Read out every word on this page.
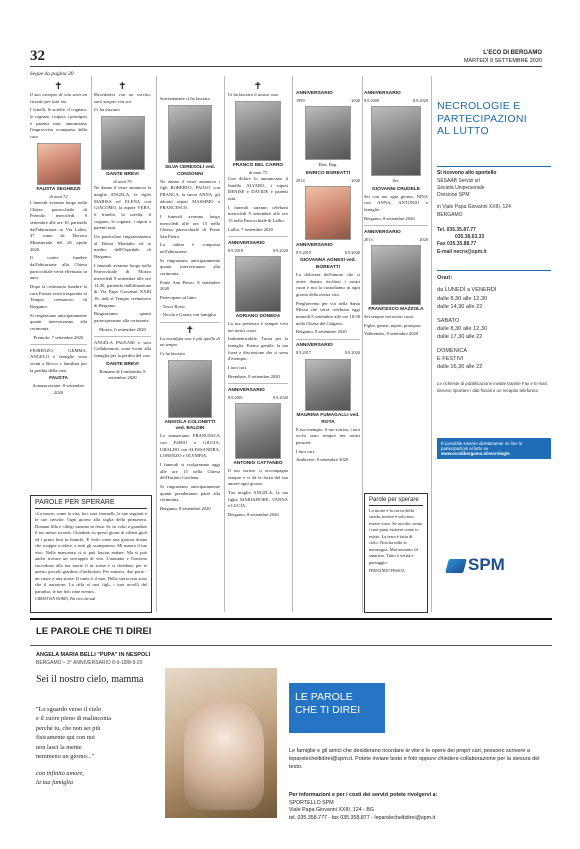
32	L'ECO DI BERGAMO
MARTEDÌ 8 SETTEMBRE 2020
Segue da pagina 30
✝

Il suo esempio di vita sarà un ricordo per tutti noi.

I fratelli, le sorelle, il cognato, le cognate, i nipoti, i pronipoti e parenti tutti, annunciano l'improvvisa scomparsa della cara

FAUSTA SEGHEZZI
di anni 72

I funerali avranno luogo nella Chiesa parrocchiale di Premolo mercoledì 9 settembre alle ore 10, partendo dall'abitazione in Via Lalini, 47 come da Decreto Ministeriale del 26 aprile 2020.

Il corteo funebre dall'abitazione alla Chiesa parrocchiale verrà effettuato in auto.

Dopo la cerimonia funebre la cara Fausta verrà trasportata al Tempio crematorio di Bergamo.

Si ringraziano anticipatamente quanti interverranno alla cerimonia.

Premolo, 7 settembre 2020

FIORENZO, GEMMA, ANGELO e famiglie sono vicini a Rocco e familiari per la perdita della cara

FAUSTA

Scanzorosciate, 8 settembre 2020

✝

Ricordatevi con un sorriso, sarò sempre con voi.

Ci ha lasciato

DANTE BREVI
di anni 76

Ne danno il triste annuncio la moglie ANGELA, le figlie MARISA ed ELENA con GIACOMO, la nipote VERA, il fratello, la sorella, il cognato, le cognate, i nipoti e parenti tutti.

Un particolare ringraziamento al Dottor Montalto ed ai medici dell'Ospedale di Bergamo.

I funerali avranno luogo nella Parrocchiale di Mozzo mercoledì 9 settembre alle ore 14,30, partendo dall'abitazione di Via Papa Giovanni XXIII 16, indi al Tempio crematorio di Bergamo.

Ringraziamo quanti parteciperanno alla cerimonia.

Mozzo, 6 settembre 2020

ANGELA PALEARI e suoi Collaboratori, sono vicini alla famiglia per la perdita del caro

DANTE BREVI

Romano di Lombardia, 8 settembre 2020

Sorreramente ci ha lasciato

SILVA CERESOLI ved. CONSONNI

Ne danno il triste annuncio i figli ROBERTO, PAOLO con FRANCA, la suora ANNA, gli adorati nipoti MASSIMO e FRANCESCO.

I funerali avranno luogo mercoledì alle ore 15 nella Chiesa parrocchiale di Ponte San Pietro.

La salma è composta nell'abitazione.

Si ringraziano anticipatamente quanti interverranno alla cerimonia.

Ponte San Pietro, 8 settembre 2020

Partecipano al lutto:

- Tosca Rossi

- Nicola e Grazia con famiglia

✝

La nostalgia non è più quella di un tempo.

Ci ha lasciato

ANGIOLA COLONETTI ved. BALDIN

Lo annunciano FRANCESCA con FABIO e GIULIA, UBALDO con ALESSANDRA, LORENZO e OLYMPIA.

I funerali si svolgeranno oggi alle ore 15 nella Chiesa dell'Istituto Cavilena.

Si ringraziano anticipatamente quanti prenderanno parte alla cerimonia.

Bergamo, 8 settembre 2020

✝

Ci ha lasciato il nostro caro

FRANCO DEL CARRO
di anni 73

Con dolore lo annunciano il fratello ALVARO, i nipoti DENISE e DAVIDE e parenti tutti.

I funerali saranno celebrati mercoledì 9 settembre alle ore 15 nella Parrocchiale di Lallio.

Lallio, 7 settembre 2020

ANNIVERSARIO
8.9.2018	8.9.2020
ADRIANO DONEDA

La tua presenza è sempre viva nei nostri cuori.

Indimenticabile. Tuoni per la famiglia. Eterno gentile, la tua forza e discrezione che ci sono d'esempio.

I tuoi cari.

Brembate, 8 settembre 2020

ANNIVERSARIO
8.9.2001	8.9.2020
ANTONIO CATTANEO

Il tuo sorriso ci accompagna sempre e ci dà la forza del tuo amore ogni giorno.

Tua moglie ANGELA, la tua figlia MARIAFIORE, VANNA e LUCIA.

Bergamo, 8 settembre 2020

ANNIVERSARIO
1999	2020

Dott. Rag.

ENRICO BOREATTI
2014	2020
ANNIVERSARIO
8.9.2019	8.9.2020
GIOVANNA AGNESI ved. BOREATTI

La dolcezza dell'amore che ci avete donato rischiari i nostri cuori e noi la custodiamo in ogni giorno della nostra vita.

Preghieremo per voi nella Santa Messa che verrà celebrata oggi martedì 8 settembre alle ore 18:30 nella Chiesa del Galgario.

Bergamo, 8 settembre 2020

ANNIVERSARIO
8.9.2017	8.9.2020
MAURINA FUMAGALLI ved. ROTA

E tuo esempio, il tuo sorriso, i tuoi occhi sono sempre nei nostri pensieri.

I tuoi cari.

Ambivere, 8 settembre 2020

ANNIVERSARIO
8.9.2000	8.9.2020

Ser.

GIOVANNI CRUDELE

Sei con noi ogni giorno, NINA con ANNA, ANTONIO e famiglie.

Bergamo, 8 settembre 2020

ANNIVERSARIO
2013	2020
FRANCESCO MAZZOLA

Sei sempre nei nostri cuori.

Figlie, generi, nipoti, pronipoti.

Valbrembo, 8 settembre 2020

PAROLE PER SPERARE

«La morte, come la vita, ha i suoi ritornelli, le sue stagioni e le sue crescite. Ogni giorno alla soglia della primavera. Domani lilla e ciliegi saranno in festa. Se su volto a guardare il tuo mesto ricordo. Chiudine, tu questi giorni di silenzi gioli ed i primi fiori in bianchi. E vedo come una gioiosa donna che scoppia a ridere, e tutti gli scompaiono. Mi manca il tuo viso. Nella mancanza ci si può lasciar andare. Ma si può anche trovare un sovrappiù di vita. L'autunno e l'inverno succedono alla tua morte lì in scena e si chiedono per te questo piccolo giardino d'inchiostro. Per entrarci, due porte - un cuore e una storia. Il canto è il mio. Della storia non sono che il narratore. La riffa ai tuoi figli, i tuoi uccelli del paradiso, le tue foto rime eterne».

CHRISTIAN BOBIN, Più viva che mai

Parole per sperare

La morte è la curva della strada, morire è solo non essere visto. Se ascolto, sento i tuoi passi esistere come io esisto. La terra è fatta di cielo. Non ha nido la menzogna. Mai nessuno s'è smarrito. Tutto è verità e passaggio.

FERNANDO PESSOA

NECROLOGIE E
PARTECIPAZIONI
AL LUTTO
Si ricevono allo sportello
SESAAB Servizi srl
Società Unipersonale
Divisione SPM
in Viale Papa Giovanni XXIII, 124
BERGAMO
Tel. 035.35.87.77
035.38.63.33
Fax 035.35.88.77
E-mail necro@spm.it
Orari:
da LUNEDÌ a VENERDÌ
dalle 8,30 alle 12,30
dalle 14,30 alle 22
SABATO
dalle 8,30 alle 12,30
dalle 17,30 alle 22
DOMENICA
E FESTIVI
dalle 16,30 alle 22
Le richieste di pubblicazione inviate tramite Fax e E-mail, devono riportare i dati fiscali e un recapito telefonico
È possibile inserire direttamente on line le partecipazioni al lutto su
www.ecodibergamo.it/necrologie
SPM
LE PAROLE CHE TI DIREI
ANGELA MARIA BELLI "PUPA" IN NESPOLI
BERGAMO – 2° ANNIVERSARIO 8-9-18/8-9-20
Sei il nostro cielo, mamma
"Lo sguardo verso il cielo
e il cuore pieno di malinconia
perché tu, che non sei più
fisicamente qui con noi
non lasci la mente
nemmeno un giorno..."
con infinito amore,
la tua famiglia
LE PAROLE
CHE TI DIREI
Le famiglie e gli amici che desiderano ricordare le vite e le opere dei propri cari, possono scrivere a leparolecheltidirei@spm.it. Potete inviare testo e foto oppure chiedere collaborazione per la stesura del testo.
Per informazioni e per i costi dei servizi potete rivolgervi a:
SPORTELLO SPM
Viale Papa Giovanni XXIII, 124 - BG
tel. 035.358.777 - fax 035.358.877 - leparolecheltidirei@spm.it
